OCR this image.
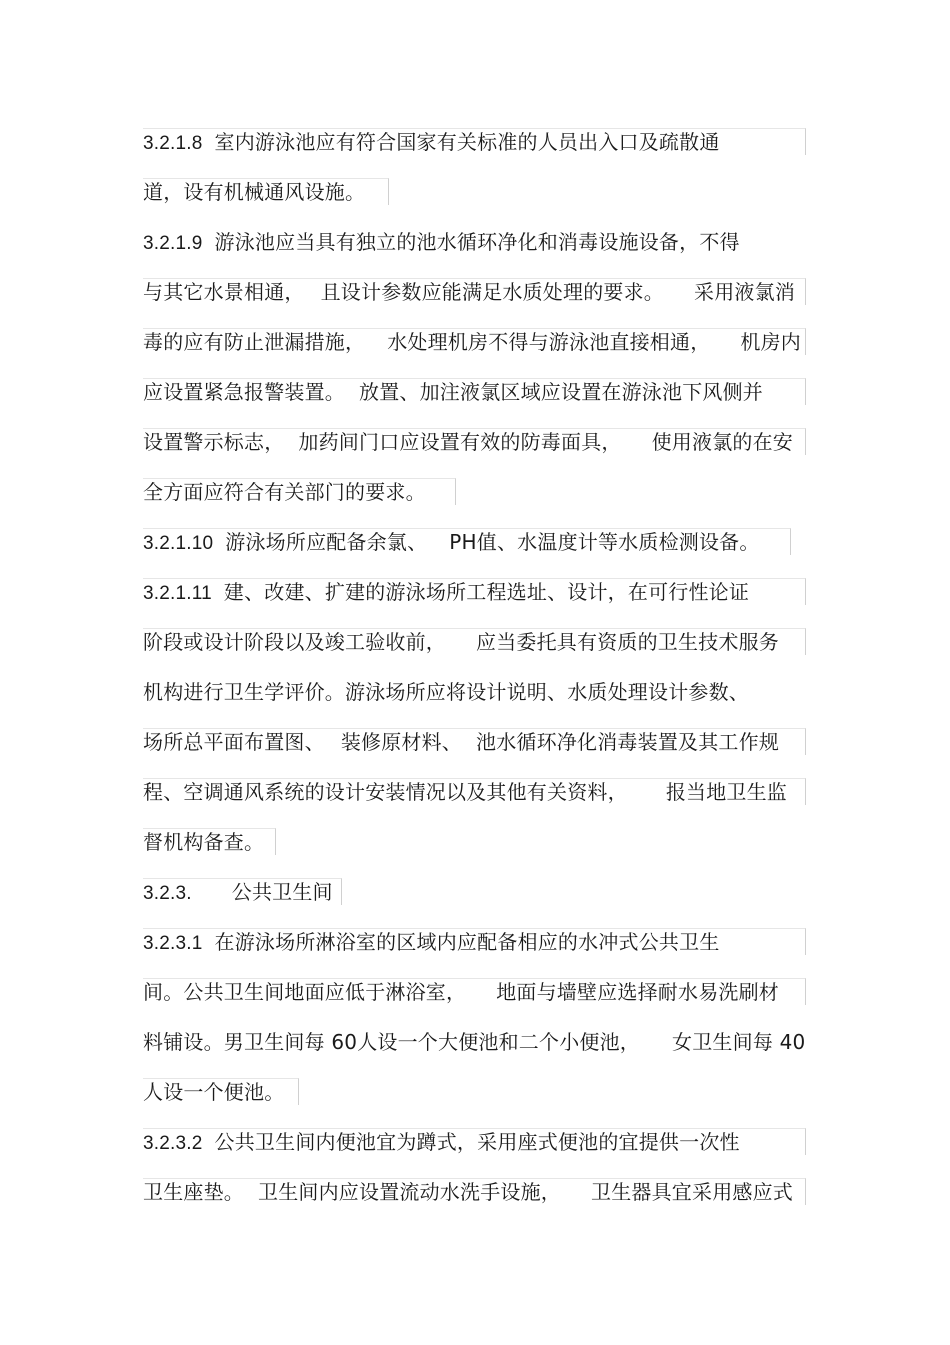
3.2.1.8 室内游泳池应有符合国家有关标准的人员出入口及疏散通
道，设有机械通风设施。
3.2.1.9 游泳池应当具有独立的池水循环净化和消毒设施设备，不得
与其它水景相通， 且设计参数应能满足水质处理的要求。 采用液氯消
毒的应有防止泄漏措施， 水处理机房不得与游泳池直接相通， 机房内
应设置紧急报警装置。 放置、加注液氯区域应设置在游泳池下风侧并
设置警示标志， 加药间门口应设置有效的防毒面具， 使用液氯的在安
全方面应符合有关部门的要求。
3.2.1.10 游泳场所应配备余氯、 PH值、水温度计等水质检测设备。
3.2.1.11 建、改建、扩建的游泳场所工程选址、设计，在可行性论证
阶段或设计阶段以及竣工验收前， 应当委托具有资质的卫生技术服务
机构进行卫生学评价。游泳场所应将设计说明、水质处理设计参数、
场所总平面布置图、 装修原材料、 池水循环净化消毒装置及其工作规
程、空调通风系统的设计安装情况以及其他有关资料， 报当地卫生监
督机构备查。
3.2.3. 公共卫生间
3.2.3.1 在游泳场所淋浴室的区域内应配备相应的水冲式公共卫生
间。公共卫生间地面应低于淋浴室， 地面与墙壁应选择耐水易洗刷材
料铺设。男卫生间每 60人设一个大便池和二个小便池， 女卫生间每 40
人设一个便池。
3.2.3.2 公共卫生间内便池宜为蹲式，采用座式便池的宜提供一次性
卫生座垫。 卫生间内应设置流动水洗手设施， 卫生器具宜采用感应式
